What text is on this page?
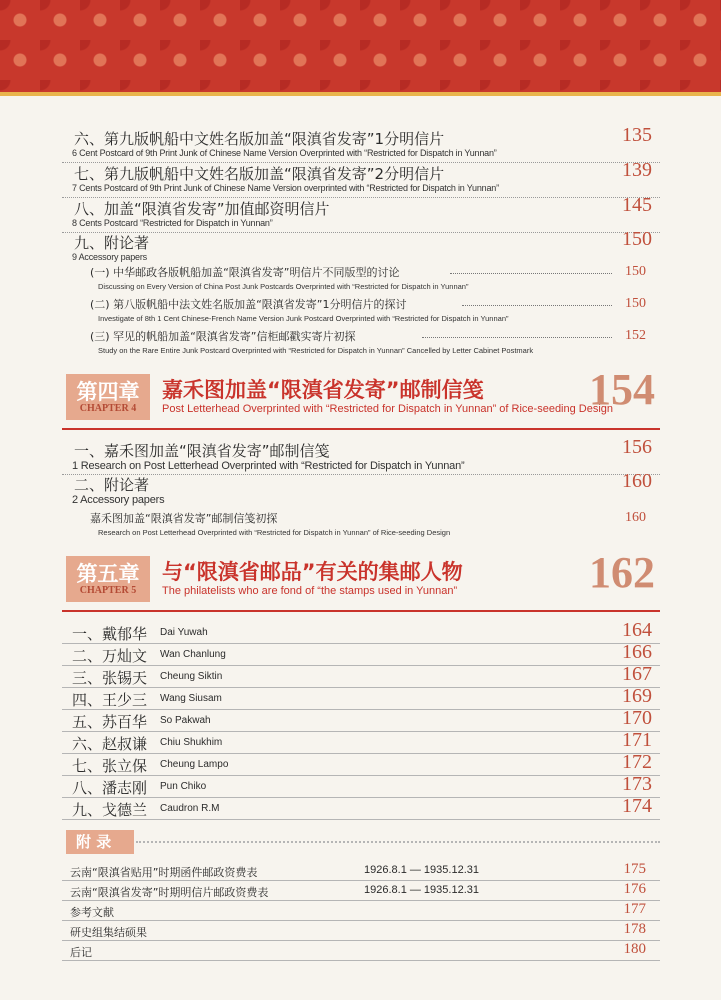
六、第九版帆船中文姓名版加盖“限滇省发寄”1分明信片
6 Cent Postcard of 9th Print Junk of Chinese Name Version Overprinted with “Restricted for Dispatch in Yunnan”
135
七、第九版帆船中文姓名版加盖“限滇省发寄”2分明信片
7 Cents Postcard of 9th Print Junk of Chinese Name Version overprinted with “Restricted for Dispatch in Yunnan”
139
八、加盖“限滇省发寄”加值邮资明信片
8 Cents Postcard “Restricted for Dispatch in Yunnan”
145
九、附论著
9 Accessory papers
150
(一) 中华邮政各版帆船加盖“限滇省发寄”明信片不同版型的讨论	150
Discussing on Every Version of China Post Junk Postcards Overprinted with “Restricted for Dispatch in Yunnan”
(二) 第八版帆船中法文姓名版加盖“限滇省发寄”1分明信片的探讨	150
Investigate of 8th 1 Cent Chinese-French Name Version Junk Postcard Overprinted with “Restricted for Dispatch in Yunnan”
(三) 罕见的帆船加盖“限滇省发寄”信柜邮戳实寄片初探	152
Study on the Rare Entire Junk Postcard Overprinted with “Restricted for Dispatch in Yunnan” Cancelled by Letter Cabinet Postmark
第四章
CHAPTER 4
嘉禾图加盖“限滇省发寄”邮制信笺
Post Letterhead Overprinted with “Restricted for Dispatch in Yunnan” of Rice-seeding Design
154
一、嘉禾图加盖“限滇省发寄”邮制信笺
1 Research on Post Letterhead Overprinted with “Restricted for Dispatch in Yunnan”
156
二、附论著
2 Accessory papers
160
嘉禾图加盖“限滇省发寄”邮制信笺初探	160
Research on Post Letterhead Overprinted with “Restricted for Dispatch in Yunnan” of Rice-seeding Design
第五章
CHAPTER 5
与“限滇省邮品”有关的集邮人物
The philatelists who are fond of “the stamps used in Yunnan”	162
一、戴郁华 Dai Yuwah	164
二、万灿文 Wan Chanlung	166
三、张锡天 Cheung Siktin	167
四、王少三 Wang Siusam	169
五、苏百华 So Pakwah	170
六、赵叔谦 Chiu Shukhim	171
七、张立保 Cheung Lampo	172
八、潘志刚 Pun Chiko	173
九、戈德兰 Caudron R.M	174
附 录
云南“限滇省贴用”时期函件邮政资费表	1926.8.1 — 1935.12.31	175
云南“限滇省发寄”时期明信片邮政资费表	1926.8.1 — 1935.12.31	176
参考文献	177
研史组集结硕果	178
后记	180
